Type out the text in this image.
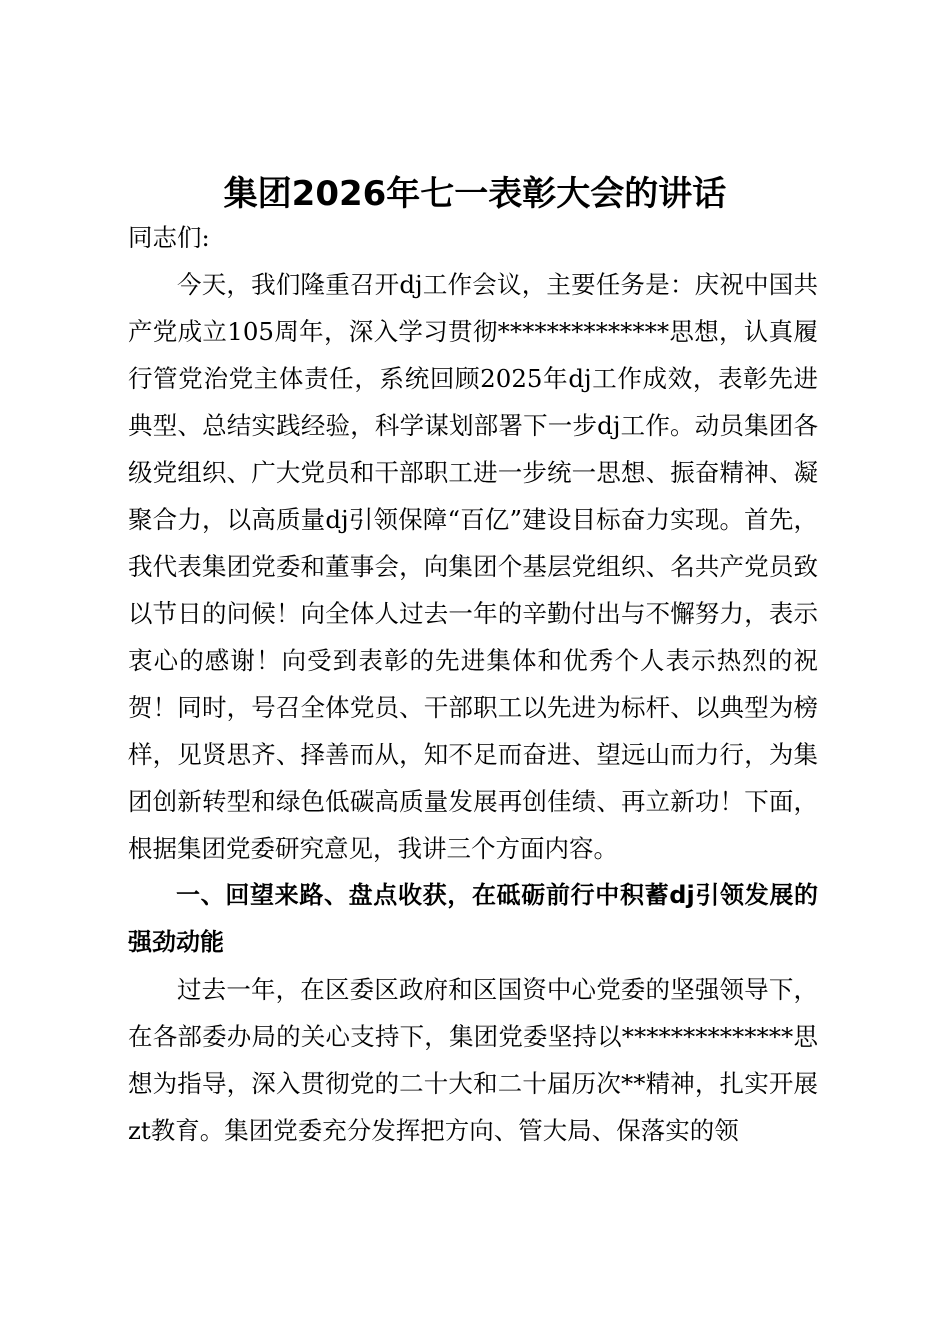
集团2026年七一表彰大会的讲话

同志们:

今天，我们隆重召开dj工作会议，主要任务是：庆祝中国共产党成立105周年，深入学习贯彻**************思想，认真履行管党治党主体责任，系统回顾2025年dj工作成效，表彰先进典型、总结实践经验，科学谋划部署下一步dj工作。动员集团各级党组织、广大党员和干部职工进一步统一思想、振奋精神、凝聚合力，以高质量dj引领保障“百亿”建设目标奋力实现。首先，我代表集团党委和董事会，向集团个基层党组织、名共产党员致以节日的问候！向全体人过去一年的辛勤付出与不懈努力，表示衷心的感谢！向受到表彰的先进集体和优秀个人表示热烈的祝贺！同时，号召全体党员、干部职工以先进为标杆、以典型为榜样，见贤思齐、择善而从，知不足而奋进、望远山而力行，为集团创新转型和绿色低碳高质量发展再创佳绩、再立新功！下面，根据集团党委研究意见，我讲三个方面内容。

一、回望来路、盘点收获，在砥砺前行中积蓄dj引领发展的强劲动能

过去一年，在区委区政府和区国资中心党委的坚强领导下，在各部委办局的关心支持下，集团党委坚持以**************思想为指导，深入贯彻党的二十大和二十届历次**精神，扎实开展zt教育。集团党委充分发挥把方向、管大局、保落实的领
